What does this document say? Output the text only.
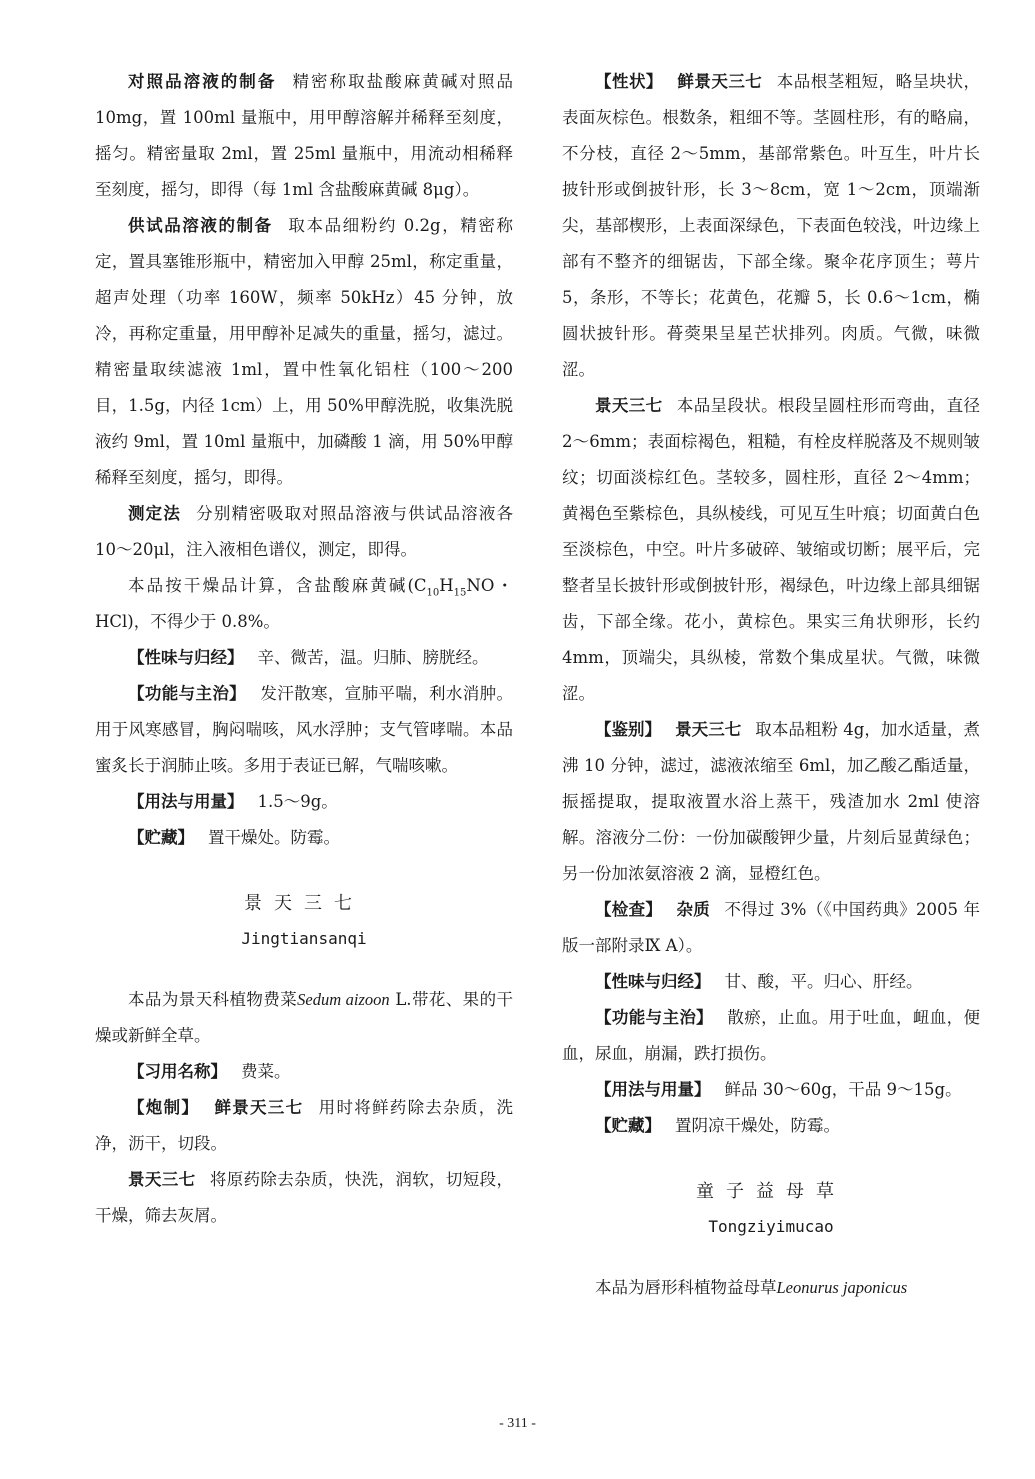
对照品溶液的制备 精密称取盐酸麻黄碱对照品 10mg，置 100ml 量瓶中，用甲醇溶解并稀释至刻度，摇匀。精密量取 2ml，置 25ml 量瓶中，用流动相稀释至刻度，摇匀，即得（每 1ml 含盐酸麻黄碱 8μg）。

供试品溶液的制备 取本品细粉约 0.2g，精密称定，置具塞锥形瓶中，精密加入甲醇 25ml，称定重量，超声处理（功率 160W，频率 50kHz）45 分钟，放冷，再称定重量，用甲醇补足减失的重量，摇匀，滤过。精密量取续滤液 1ml，置中性氧化铝柱（100～200 目，1.5g，内径 1cm）上，用 50%甲醇洗脱，收集洗脱液约 9ml，置 10ml 量瓶中，加磷酸 1 滴，用 50%甲醇稀释至刻度，摇匀，即得。

测定法 分别精密吸取对照品溶液与供试品溶液各 10～20μl，注入液相色谱仪，测定，即得。

本品按干燥品计算，含盐酸麻黄碱($C_{10}H_{15}NO$・HCl)，不得少于 0.8%。

【性味与归经】 辛、微苦，温。归肺、膀胱经。

【功能与主治】 发汗散寒，宣肺平喘，利水消肿。用于风寒感冒，胸闷喘咳，风水浮肿；支气管哮喘。本品蜜炙长于润肺止咳。多用于表证已解，气喘咳嗽。

【用法与用量】 1.5～9g。

【贮藏】 置干燥处。防霉。

景天三七

Jingtiansanqi

本品为景天科植物费菜Sedum aizoon L.带花、果的干燥或新鲜全草。

【习用名称】 费菜。

【炮制】 鲜景天三七 用时将鲜药除去杂质，洗净，沥干，切段。

景天三七 将原药除去杂质，快洗，润软，切短段，干燥，筛去灰屑。

【性状】 鲜景天三七 本品根茎粗短，略呈块状，表面灰棕色。根数条，粗细不等。茎圆柱形，有的略扁，不分枝，直径 2～5mm，基部常紫色。叶互生，叶片长披针形或倒披针形，长 3～8cm，宽 1～2cm，顶端渐尖，基部楔形，上表面深绿色，下表面色较浅，叶边缘上部有不整齐的细锯齿，下部全缘。聚伞花序顶生；萼片 5，条形，不等长；花黄色，花瓣 5，长 0.6～1cm，椭圆状披针形。蓇葖果呈星芒状排列。肉质。气微，味微涩。

景天三七 本品呈段状。根段呈圆柱形而弯曲，直径 2～6mm；表面棕褐色，粗糙，有栓皮样脱落及不规则皱纹；切面淡棕红色。茎较多，圆柱形，直径 2～4mm；黄褐色至紫棕色，具纵棱线，可见互生叶痕；切面黄白色至淡棕色，中空。叶片多破碎、皱缩或切断；展平后，完整者呈长披针形或倒披针形，褐绿色，叶边缘上部具细锯齿，下部全缘。花小，黄棕色。果实三角状卵形，长约 4mm，顶端尖，具纵棱，常数个集成星状。气微，味微涩。

【鉴别】 景天三七 取本品粗粉 4g，加水适量，煮沸 10 分钟，滤过，滤液浓缩至 6ml，加乙酸乙酯适量，振摇提取，提取液置水浴上蒸干，残渣加水 2ml 使溶解。溶液分二份：一份加碳酸钾少量，片刻后显黄绿色；另一份加浓氨溶液 2 滴，显橙红色。

【检查】 杂质 不得过 3%（《中国药典》2005 年版一部附录Ⅸ A）。

【性味与归经】 甘、酸，平。归心、肝经。

【功能与主治】 散瘀，止血。用于吐血，衄血，便血，尿血，崩漏，跌打损伤。

【用法与用量】 鲜品 30～60g，干品 9～15g。

【贮藏】 置阴凉干燥处，防霉。

童子益母草

Tongziyimucao

本品为唇形科植物益母草Leonurus japonicus

- 311 -
